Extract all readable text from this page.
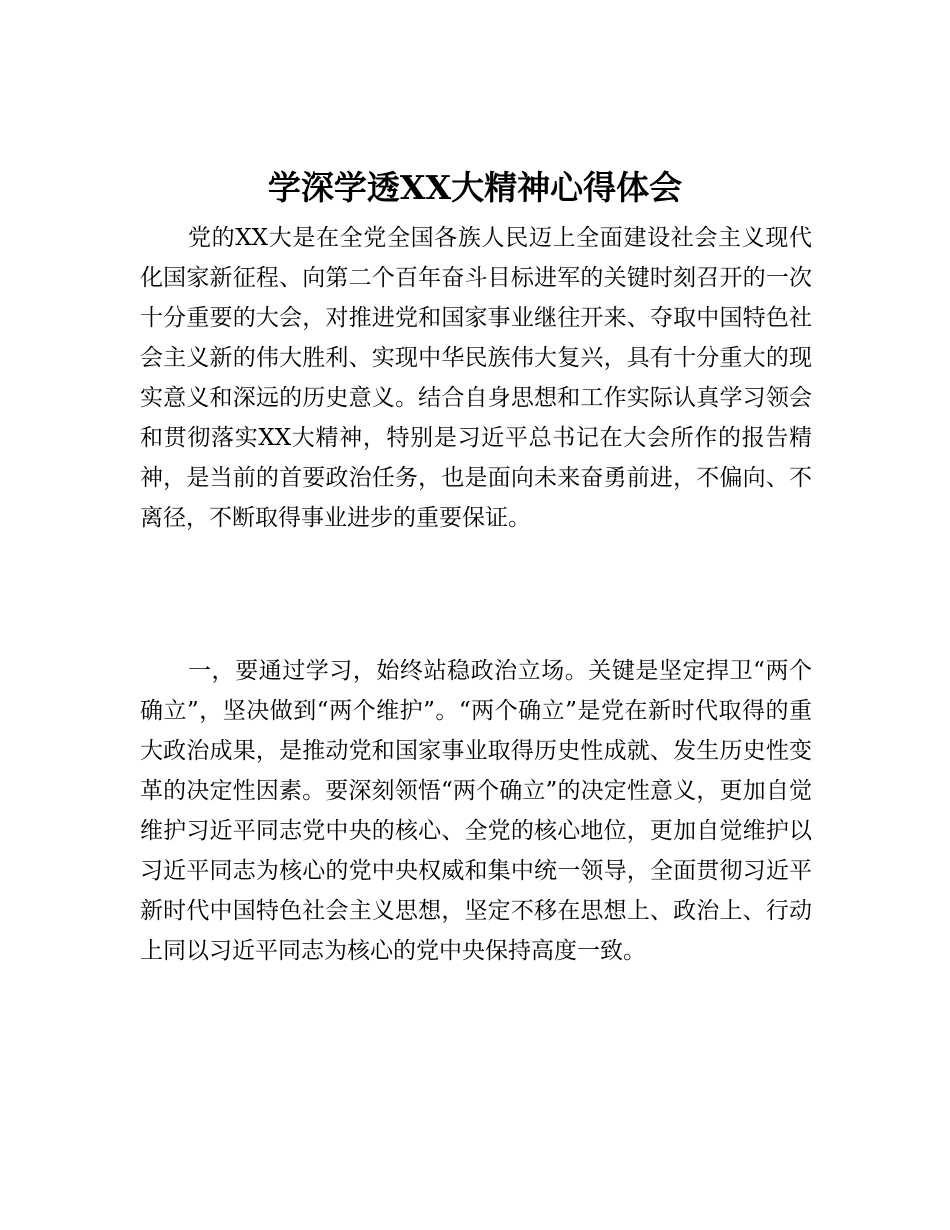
学深学透XX大精神心得体会

党的XX大是在全党全国各族人民迈上全面建设社会主义现代化国家新征程、向第二个百年奋斗目标进军的关键时刻召开的一次十分重要的大会，对推进党和国家事业继往开来、夺取中国特色社会主义新的伟大胜利、实现中华民族伟大复兴，具有十分重大的现实意义和深远的历史意义。结合自身思想和工作实际认真学习领会和贯彻落实XX大精神，特别是习近平总书记在大会所作的报告精神，是当前的首要政治任务，也是面向未来奋勇前进，不偏向、不离径，不断取得事业进步的重要保证。

一，要通过学习，始终站稳政治立场。关键是坚定捍卫“两个确立”，坚决做到“两个维护”。“两个确立”是党在新时代取得的重大政治成果，是推动党和国家事业取得历史性成就、发生历史性变革的决定性因素。要深刻领悟“两个确立”的决定性意义，更加自觉维护习近平同志党中央的核心、全党的核心地位，更加自觉维护以习近平同志为核心的党中央权威和集中统一领导，全面贯彻习近平新时代中国特色社会主义思想，坚定不移在思想上、政治上、行动上同以习近平同志为核心的党中央保持高度一致。
